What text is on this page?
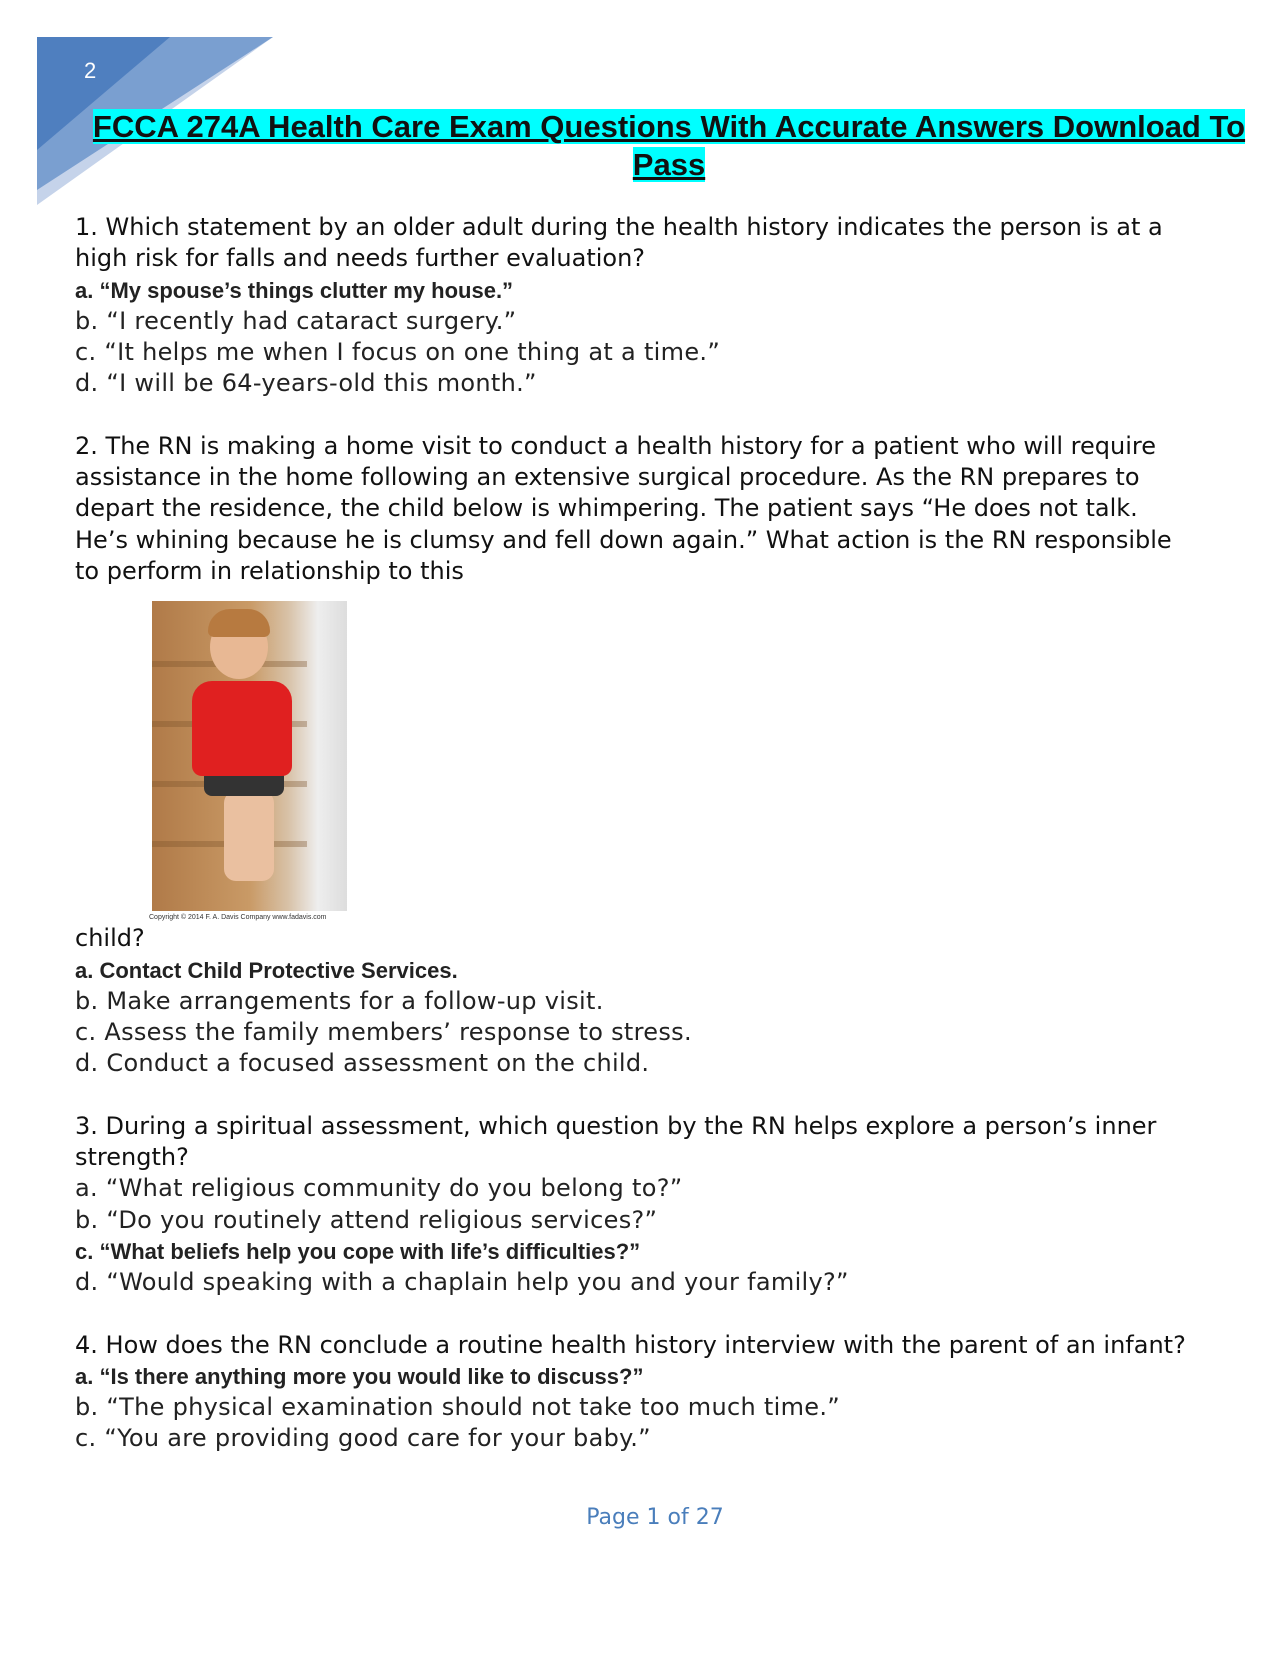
2
FCCA 274A Health Care Exam Questions With Accurate Answers Download To Pass

1. Which statement by an older adult during the health history indicates the person is at a high risk for falls and needs further evaluation?

a. “My spouse’s things clutter my house.”

b. “I recently had cataract surgery.”

c. “It helps me when I focus on one thing at a time.”

d. “I will be 64-years-old this month.”

2. The RN is making a home visit to conduct a health history for a patient who will require assistance in the home following an extensive surgical procedure. As the RN prepares to depart the residence, the child below is whimpering. The patient says “He does not talk. He’s whining because he is clumsy and fell down again.” What action is the RN responsible to perform in relationship to this

Copyright © 2014 F. A. Davis Company www.fadavis.com

child?

a. Contact Child Protective Services.

b. Make arrangements for a follow-up visit.

c. Assess the family members’ response to stress.

d. Conduct a focused assessment on the child.

3. During a spiritual assessment, which question by the RN helps explore a person’s inner strength?

a. “What religious community do you belong to?”

b. “Do you routinely attend religious services?”

c. “What beliefs help you cope with life’s difficulties?”

d. “Would speaking with a chaplain help you and your family?”

4. How does the RN conclude a routine health history interview with the parent of an infant?

a. “Is there anything more you would like to discuss?”

b. “The physical examination should not take too much time.”

c. “You are providing good care for your baby.”

Page 1 of 27
